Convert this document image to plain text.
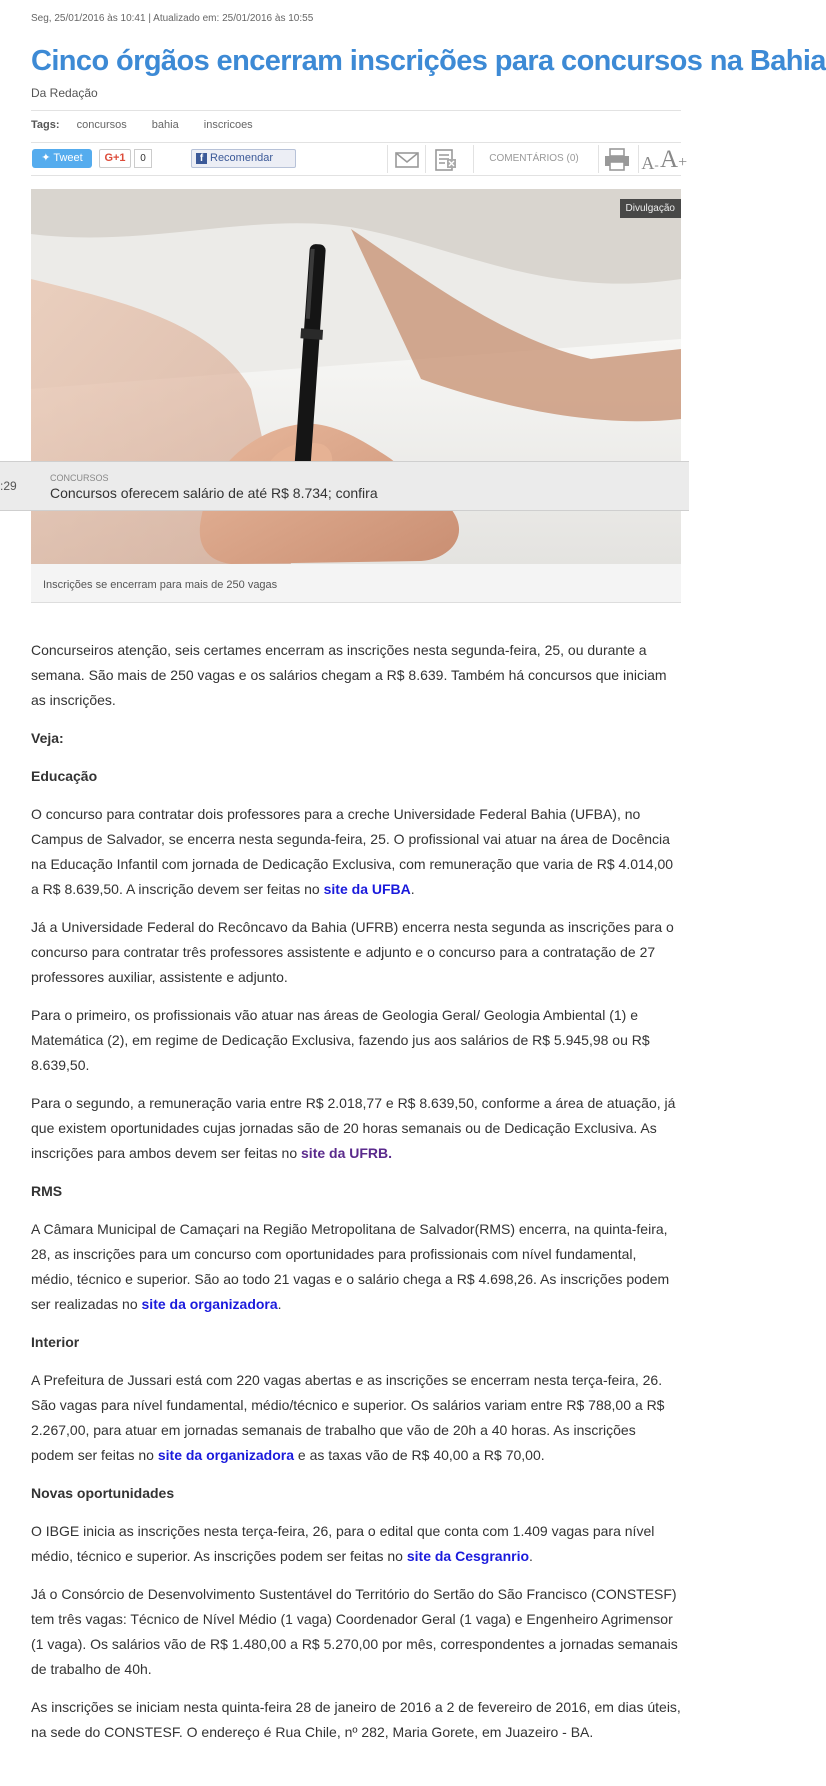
Seg, 25/01/2016 às 10:41 | Atualizado em: 25/01/2016 às 10:55
Cinco órgãos encerram inscrições para concursos na Bahia
Da Redação
Tags: concursos bahia inscricoes
✦ Tweet	G+1	0	f Recomendar	COMENTÁRIOS (0)	A- A+
Divulgação
Inscrições se encerram para mais de 250 vagas

Concurseiros atenção, seis certames encerram as inscrições nesta segunda-feira, 25, ou durante a semana. São mais de 250 vagas e os salários chegam a R$ 8.639. Também há concursos que iniciam as inscrições.

Veja:
Educação

O concurso para contratar dois professores para a creche Universidade Federal Bahia (UFBA), no Campus de Salvador, se encerra nesta segunda-feira, 25. O profissional vai atuar na área de Docência na Educação Infantil com jornada de Dedicação Exclusiva, com remuneração que varia de R$ 4.014,00 a R$ 8.639,50. A inscrição devem ser feitas no site da UFBA.

Já a Universidade Federal do Recôncavo da Bahia (UFRB) encerra nesta segunda as inscrições para o concurso para contratar três professores assistente e adjunto e o concurso para a contratação de 27 professores auxiliar, assistente e adjunto.

Para o primeiro, os profissionais vão atuar nas áreas de Geologia Geral/ Geologia Ambiental (1) e Matemática (2), em regime de Dedicação Exclusiva, fazendo jus aos salários de R$ 5.945,98 ou R$ 8.639,50.

Para o segundo, a remuneração varia entre R$ 2.018,77 e R$ 8.639,50, conforme a área de atuação, já que existem oportunidades cujas jornadas são de 20 horas semanais ou de Dedicação Exclusiva. As inscrições para ambos devem ser feitas no site da UFRB.

RMS

A Câmara Municipal de Camaçari na Região Metropolitana de Salvador(RMS) encerra, na quinta-feira, 28, as inscrições para um concurso com oportunidades para profissionais com nível fundamental, médio, técnico e superior. São ao todo 21 vagas e o salário chega a R$ 4.698,26. As inscrições podem ser realizadas no site da organizadora.

Interior

A Prefeitura de Jussari está com 220 vagas abertas e as inscrições se encerram nesta terça-feira, 26. São vagas para nível fundamental, médio/técnico e superior. Os salários variam entre R$ 788,00 a R$ 2.267,00, para atuar em jornadas semanais de trabalho que vão de 20h a 40 horas. As inscrições podem ser feitas no site da organizadora e as taxas vão de R$ 40,00 a R$ 70,00.

Novas oportunidades

O IBGE inicia as inscrições nesta terça-feira, 26, para o edital que conta com 1.409 vagas para nível médio, técnico e superior. As inscrições podem ser feitas no site da Cesgranrio.

Já o Consórcio de Desenvolvimento Sustentável do Território do Sertão do São Francisco (CONSTESF) tem três vagas: Técnico de Nível Médio (1 vaga) Coordenador Geral (1 vaga) e Engenheiro Agrimensor (1 vaga). Os salários vão de R$ 1.480,00 a R$ 5.270,00 por mês, correspondentes a jornadas semanais de trabalho de 40h.

As inscrições se iniciam nesta quinta-feira 28 de janeiro de 2016 a 2 de fevereiro de 2016, em dias úteis, na sede do CONSTESF. O endereço é Rua Chile, nº 282, Maria Gorete, em Juazeiro - BA.

:29
CONCURSOS
Concursos oferecem salário de até R$ 8.734; confira
